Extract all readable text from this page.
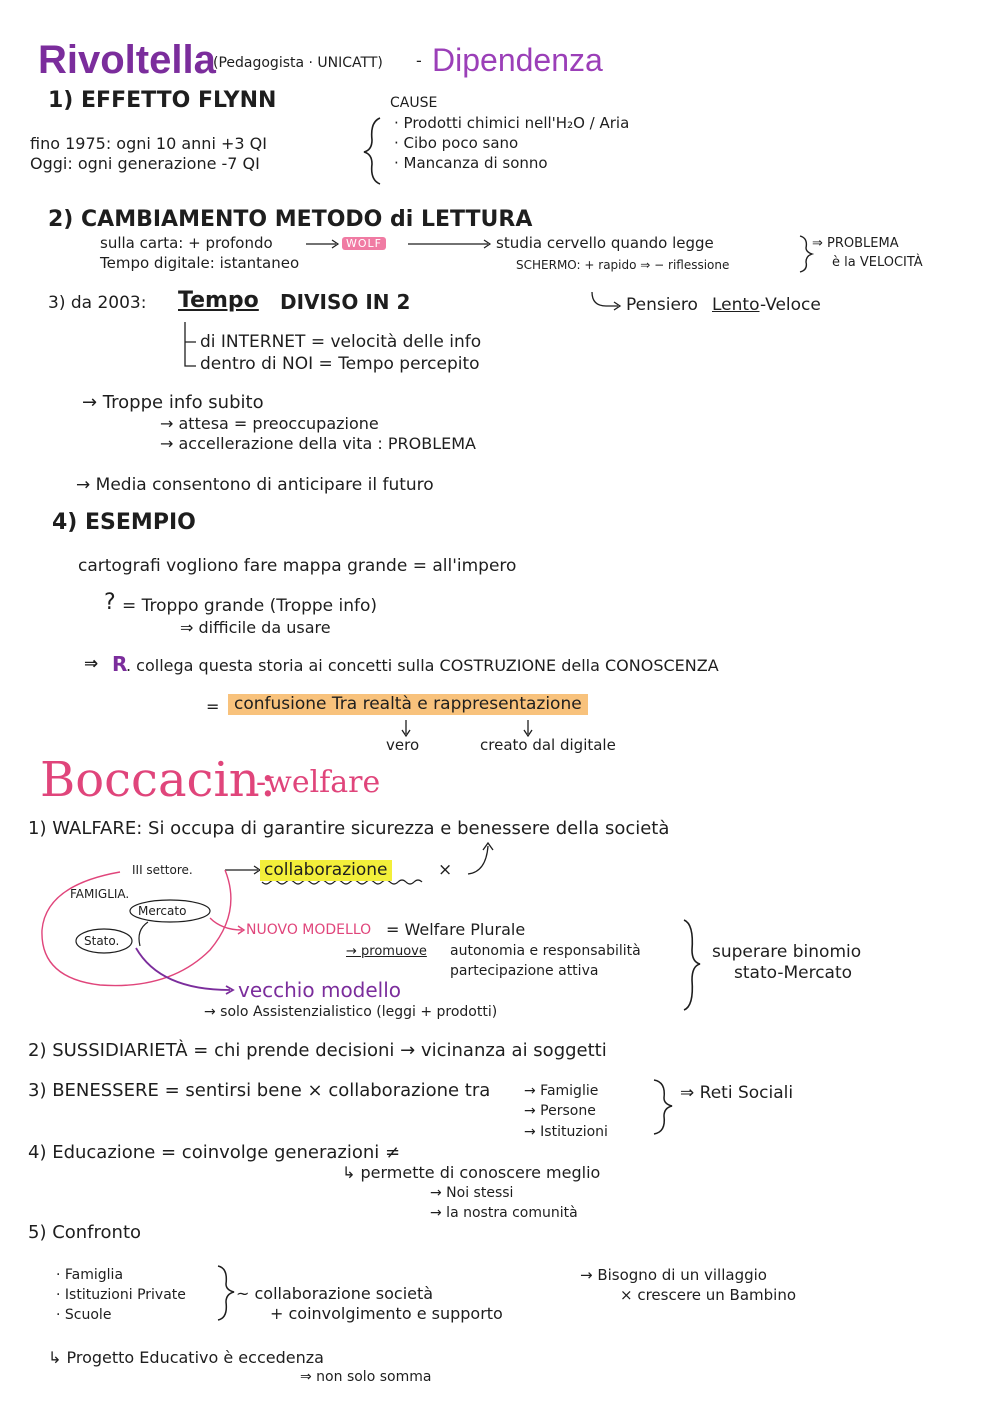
Rivoltella
(Pedagogista · UNICATT) - Dipendenza
1) EFFETTO FLYNN
fino 1975: ogni 10 anni +3 QI
Oggi: ogni generazione -7 QI
CAUSE
· Prodotti chimici nell'H₂O / Aria
· Cibo poco sano
· Mancanza di sonno
2) CAMBIAMENTO METODO di LETTURA
sulla carta: + profondo	WOLF	studia cervello quando legge
Tempo digitale: istantaneo	SCHERMO: + rapido ⇒ − riflessione
⇒ PROBLEMA
è la VELOCITÀ
Pensiero Lento -Veloce
3) da 2003: Tempo DIVISO IN 2
di INTERNET = velocità delle info
dentro di NOI = Tempo percepito
→ Troppe info subito
→ attesa = preoccupazione
→ accellerazione della vita : PROBLEMA
→ Media consentono di anticipare il futuro
4) ESEMPIO
cartografi vogliono fare mappa grande = all'impero
? = Troppo grande (Troppe info)
⇒ difficile da usare
⇒ R
. collega questa storia ai concetti sulla COSTRUZIONE della CONOSCENZA
= confusione Tra realtà e rappresentazione
vero	creato dal digitale
Boccacin:
-welfare
1) WALFARE: Si occupa di garantire sicurezza e benessere della società
III settore.	collaborazione	×
FAMIGLIA.
Mercato
Stato.
NUOVO MODELLO = Welfare Plurale
→ promuove autonomia e responsabilità
partecipazione attiva
superare binomio
stato-Mercato
vecchio modello
→ solo Assistenzialistico (leggi + prodotti)
2) SUSSIDIARIETÀ = chi prende decisioni → vicinanza ai soggetti
3) BENESSERE = sentirsi bene × collaborazione tra → Famiglie
→ Persone
→ Istituzioni
⇒ Reti Sociali
4) Educazione = coinvolge generazioni ≠
↳ permette di conoscere meglio
→ Noi stessi
→ la nostra comunità
5) Confronto
· Famiglia
· Istituzioni Private
· Scuole
~ collaborazione società
+ coinvolgimento e supporto
→ Bisogno di un villaggio
× crescere un Bambino
↳ Progetto Educativo è eccedenza
⇒ non solo somma
